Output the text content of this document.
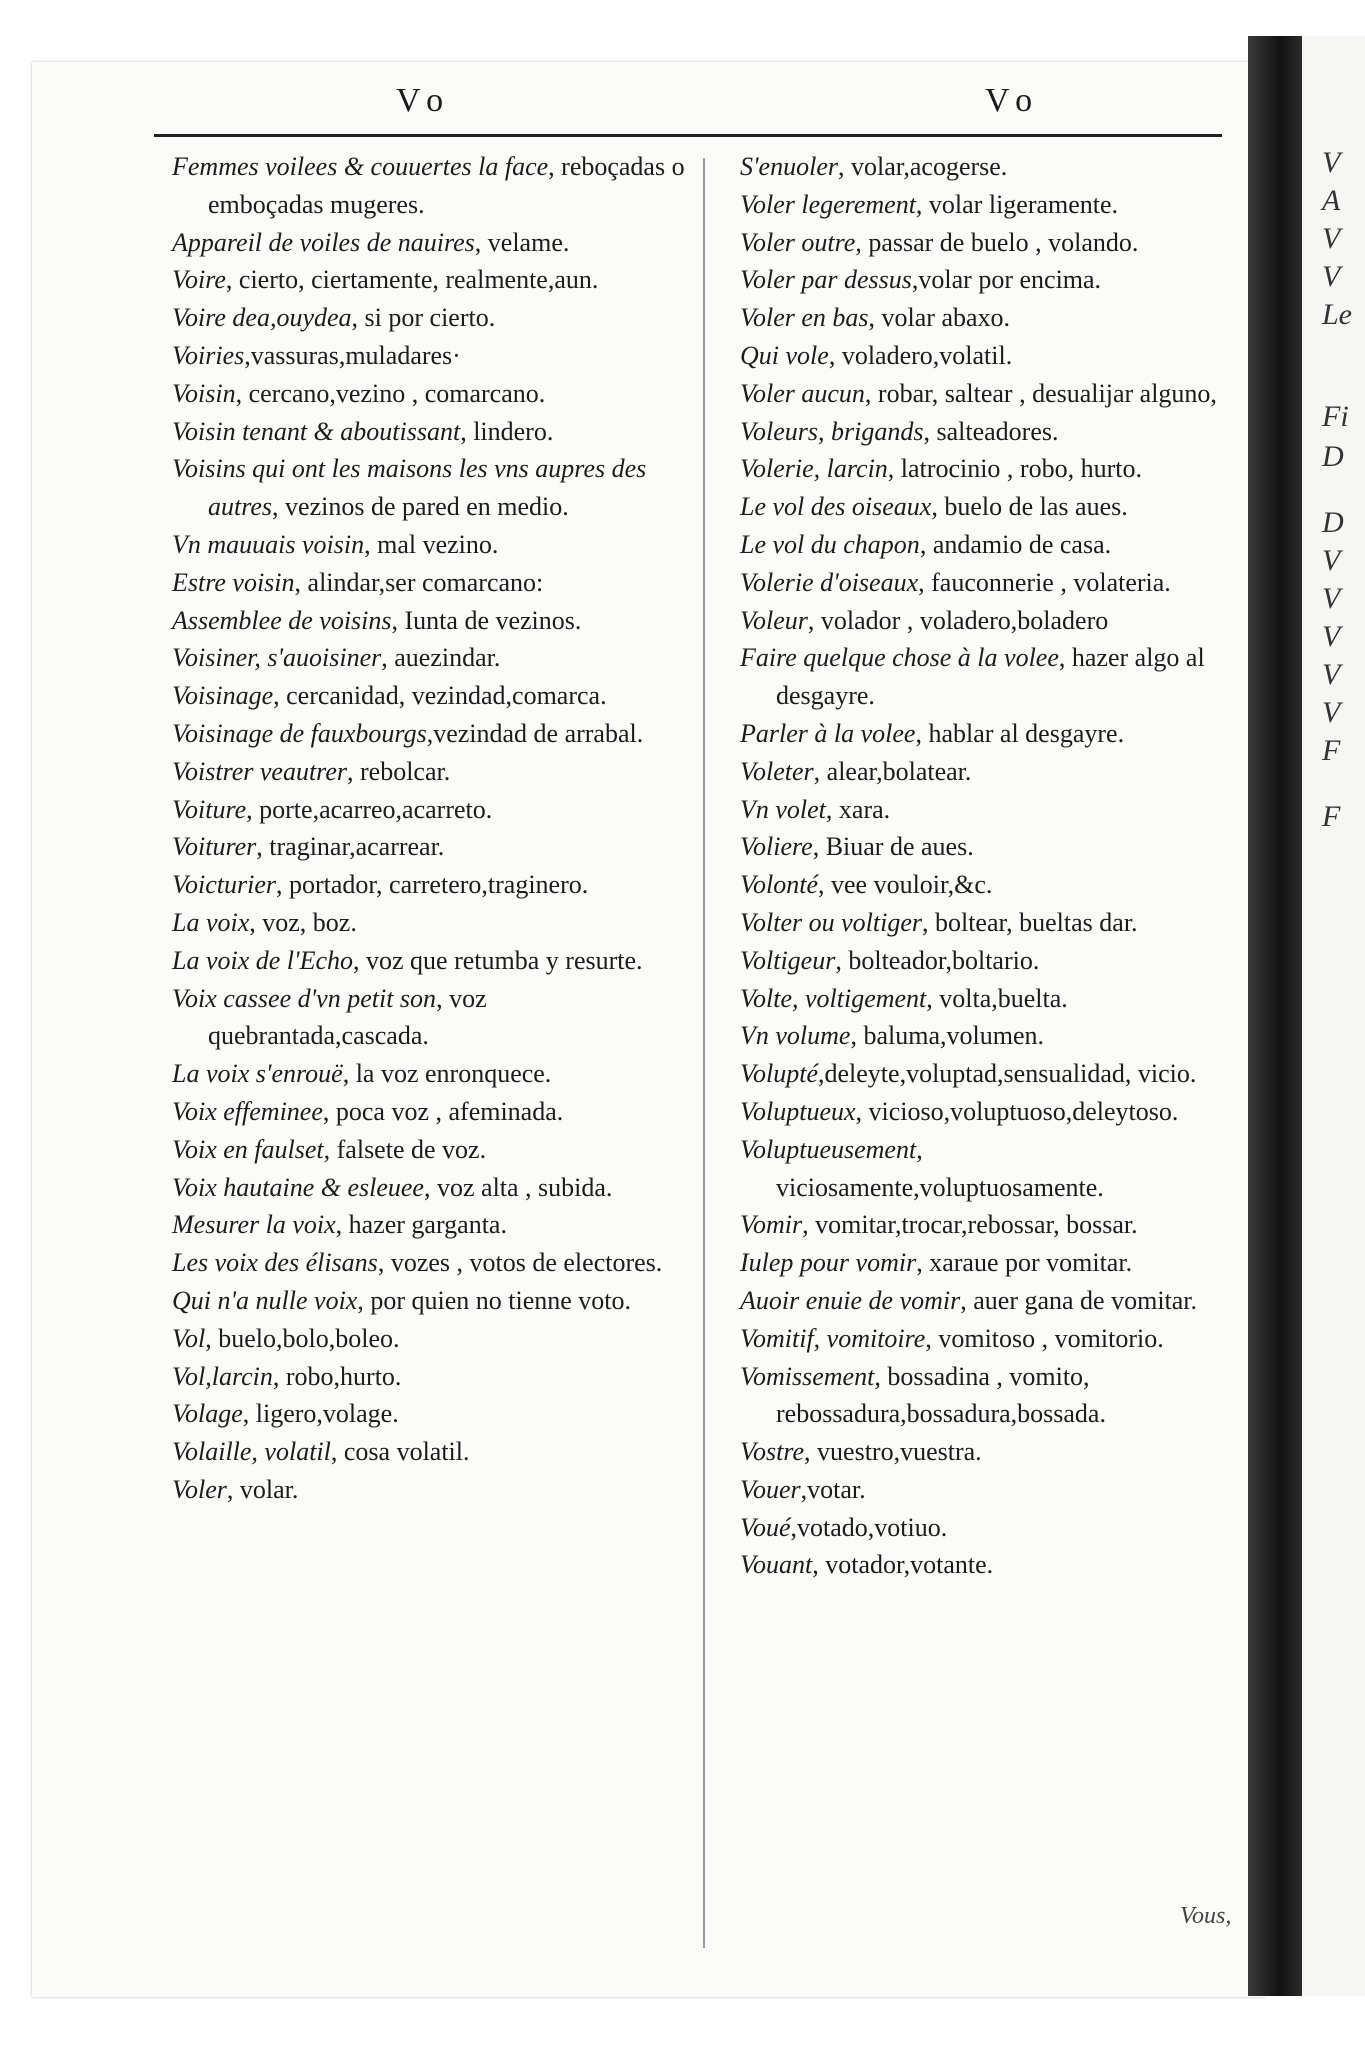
V
A
V
V
Le
Fi
D
D
V
V
V
V
V
F
F
Vo	Vo
Femmes voilees & couuertes la face, reboçadas o emboçadas mugeres.
Appareil de voiles de nauires, velame.
Voire, cierto, ciertamente, realmente,aun.
Voire dea,ouydea, si por cierto.
Voiries,vassuras,muladares·
Voisin, cercano,vezino , comarcano.
Voisin tenant & aboutissant, lindero.
Voisins qui ont les maisons les vns aupres des autres, vezinos de pared en medio.
Vn mauuais voisin, mal vezino.
Estre voisin, alindar,ser comarcano:
Assemblee de voisins, Iunta de vezinos.
Voisiner, s'auoisiner, auezindar.
Voisinage, cercanidad, vezindad,comarca.
Voisinage de fauxbourgs,vezindad de arrabal.
Voistrer veautrer, rebolcar.
Voiture, porte,acarreo,acarreto.
Voiturer, traginar,acarrear.
Voicturier, portador, carretero,traginero.
La voix, voz, boz.
La voix de l'Echo, voz que retumba y resurte.
Voix cassee d'vn petit son, voz quebrantada,cascada.
La voix s'enrouë, la voz enronquece.
Voix effeminee, poca voz , afeminada.
Voix en faulset, falsete de voz.
Voix hautaine & esleuee, voz alta , subida.
Mesurer la voix, hazer garganta.
Les voix des élisans, vozes , votos de electores.
Qui n'a nulle voix, por quien no tienne voto.
Vol, buelo,bolo,boleo.
Vol,larcin, robo,hurto.
Volage, ligero,volage.
Volaille, volatil, cosa volatil.
Voler, volar.
S'enuoler, volar,acogerse.
Voler legerement, volar ligeramente.
Voler outre, passar de buelo , volando.
Voler par dessus,volar por encima.
Voler en bas, volar abaxo.
Qui vole, voladero,volatil.
Voler aucun, robar, saltear , desualijar alguno,
Voleurs, brigands, salteadores.
Volerie, larcin, latrocinio , robo, hurto.
Le vol des oiseaux, buelo de las aues.
Le vol du chapon, andamio de casa.
Volerie d'oiseaux, fauconnerie , volateria.
Voleur, volador , voladero,boladero
Faire quelque chose à la volee, hazer algo al desgayre.
Parler à la volee, hablar al desgayre.
Voleter, alear,bolatear.
Vn volet, xara.
Voliere, Biuar de aues.
Volonté, vee vouloir,&c.
Volter ou voltiger, boltear, bueltas dar.
Voltigeur, bolteador,boltario.
Volte, voltigement, volta,buelta.
Vn volume, baluma,volumen.
Volupté,deleyte,voluptad,sensualidad, vicio.
Voluptueux, vicioso,voluptuoso,deleytoso.
Voluptueusement, viciosamente,voluptuosamente.
Vomir, vomitar,trocar,rebossar, bossar.
Iulep pour vomir, xaraue por vomitar.
Auoir enuie de vomir, auer gana de vomitar.
Vomitif, vomitoire, vomitoso , vomitorio.
Vomissement, bossadina , vomito, rebossadura,bossadura,bossada.
Vostre, vuestro,vuestra.
Vouer,votar.
Voué,votado,votiuo.
Vouant, votador,votante.
Vous,
